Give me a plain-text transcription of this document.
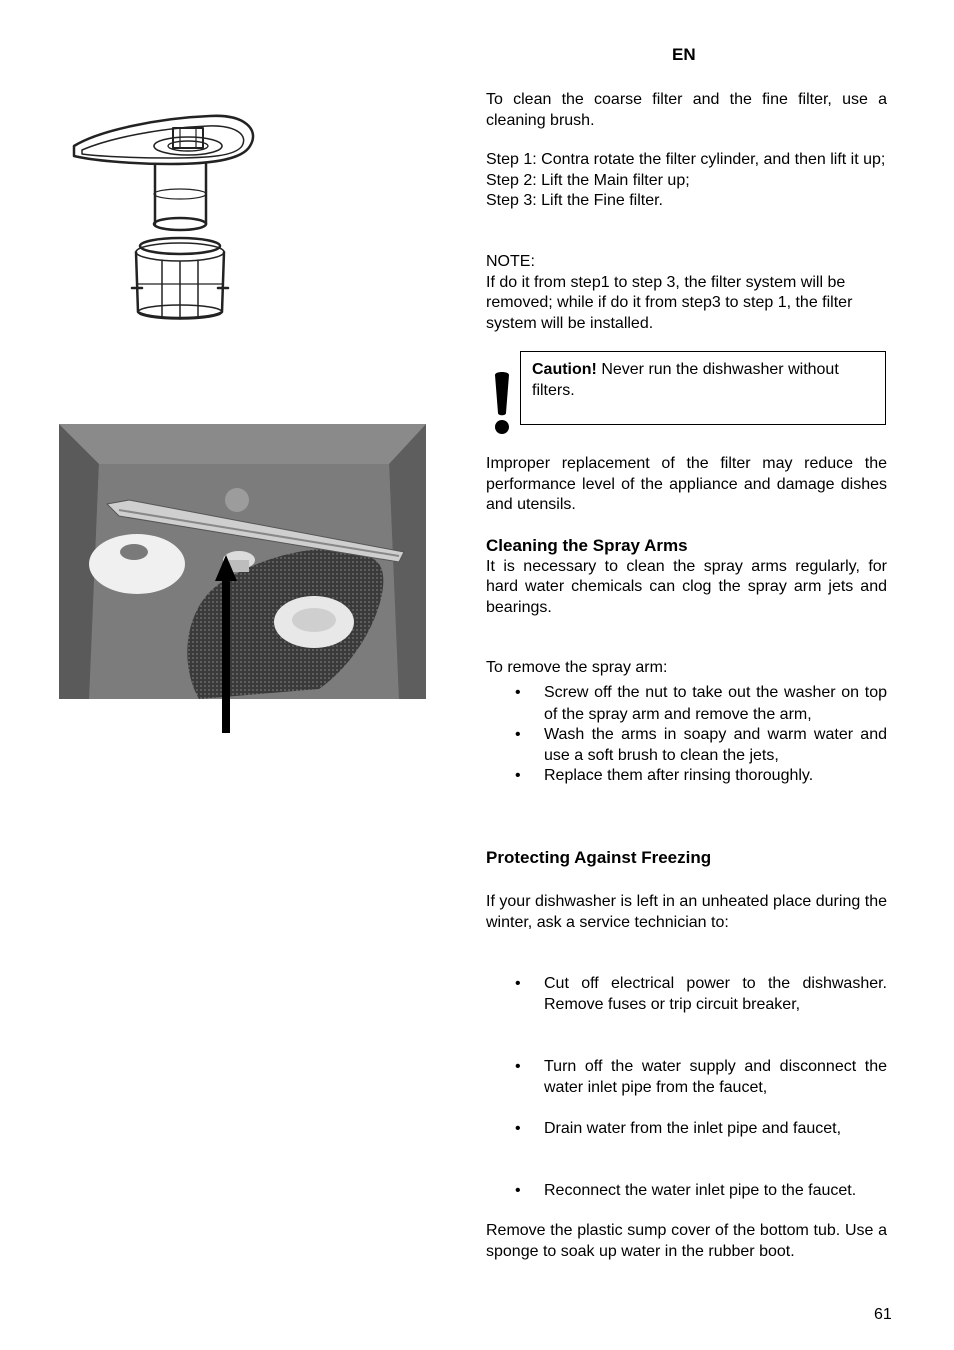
EN

To clean the coarse filter and the fine filter, use a cleaning brush.

Step 1: Contra rotate the filter cylinder, and then lift it up;

Step 2: Lift the Main filter up;

Step 3: Lift the Fine filter.

NOTE:

If do it from step1 to step 3, the filter system will be removed; while if do it from step3 to step 1, the filter system will be installed.

Caution! Never run the dishwasher without filters.

Improper replacement of the filter may reduce the performance level of the appliance and damage dishes and utensils.

Cleaning the Spray Arms

It is necessary to clean the spray arms regularly, for hard water chemicals can clog the spray arm jets and bearings.

To remove the spray arm:

• Screw off the nut to take out the washer on top of the spray arm and remove the arm,
• Wash the arms in soapy and warm water and use a soft brush to clean the jets,
• Replace them after rinsing thoroughly.

Protecting Against Freezing

If your dishwasher is left in an unheated place during the winter, ask a service technician to:

• Cut off electrical power to the dishwasher. Remove fuses or trip circuit breaker,
• Turn off the water supply and disconnect the water inlet pipe from the faucet,
• Drain water from the inlet pipe and faucet,
• Reconnect the water inlet pipe to the faucet.

Remove the plastic sump cover of the bottom tub. Use a sponge to soak up water in the rubber boot.

61
